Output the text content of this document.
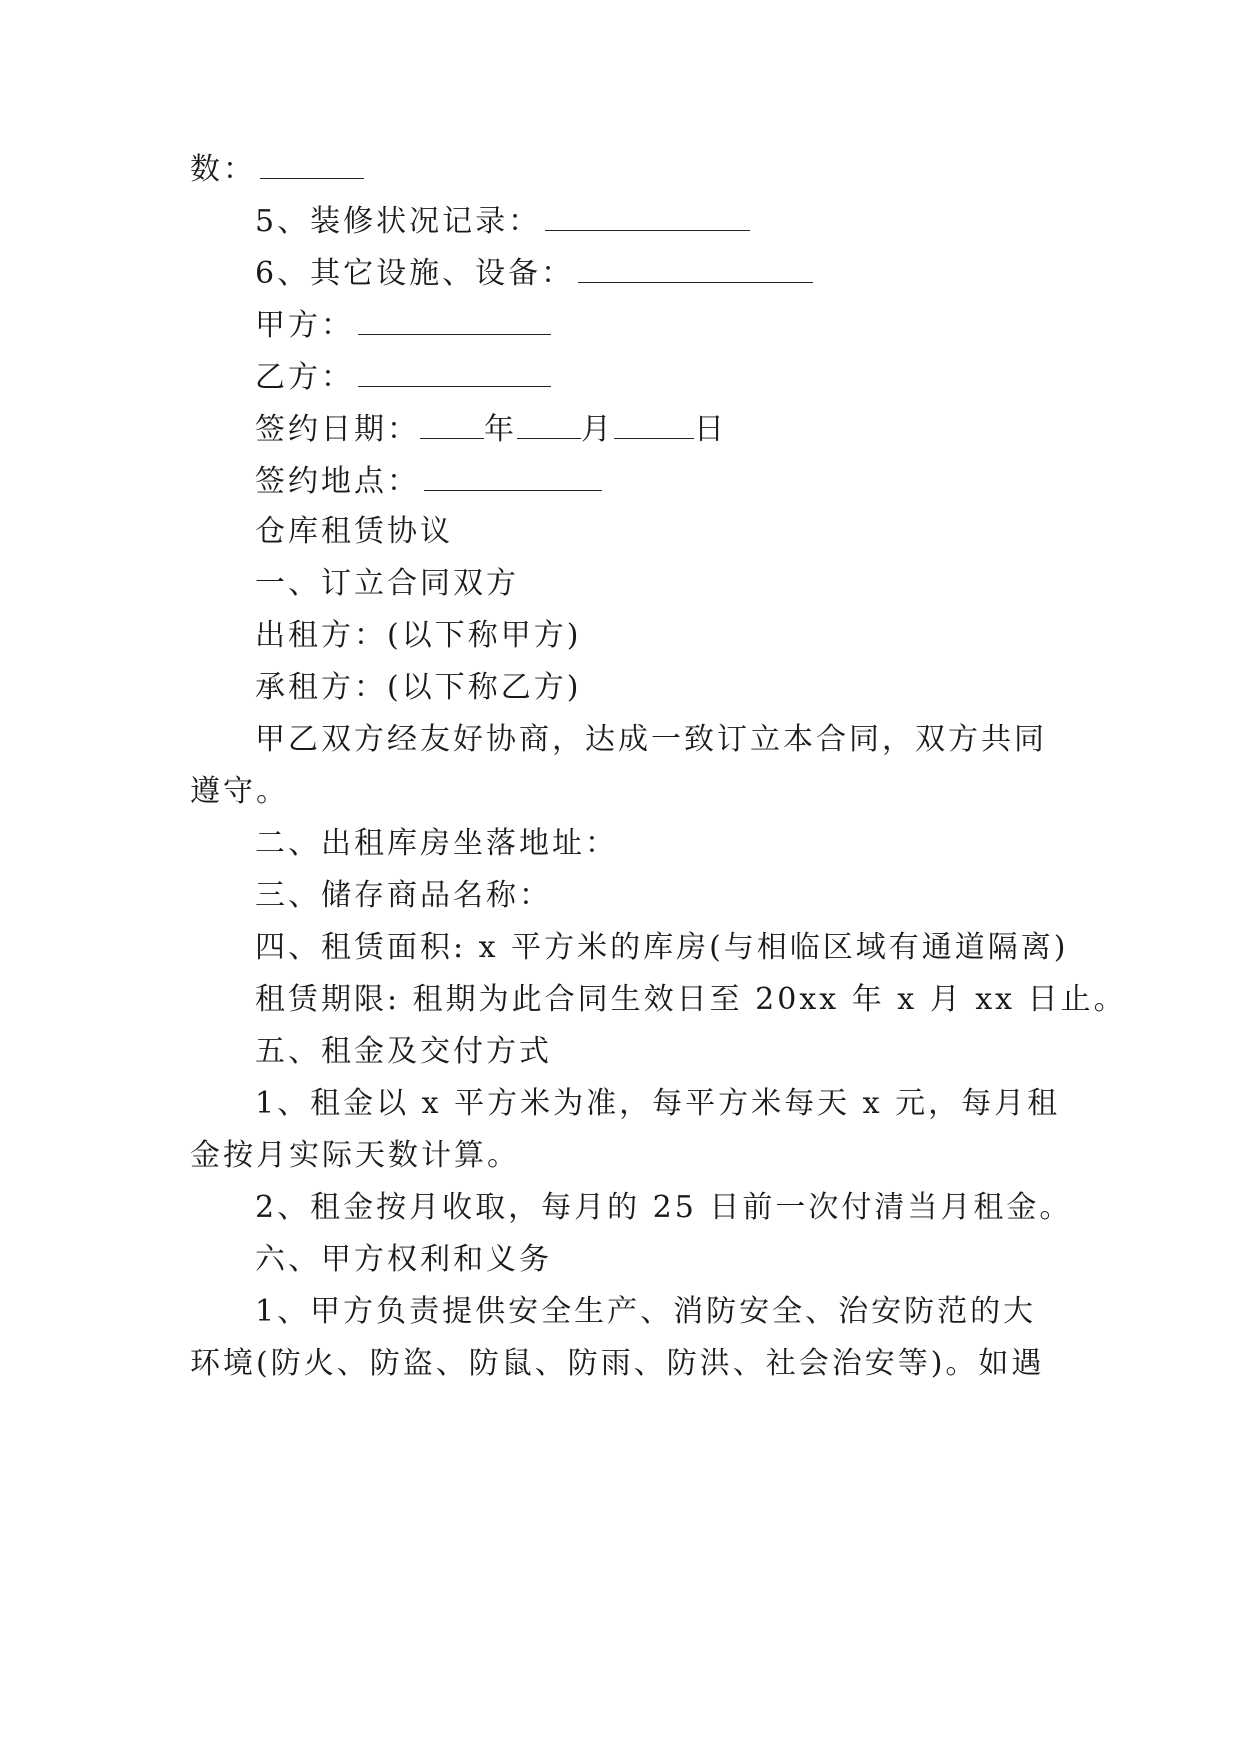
数：
5、装修状况记录：
6、其它设施、设备：
甲方：
乙方：
签约日期： 年 月	日
签约地点：
仓库租赁协议
一、订立合同双方
出租方：(以下称甲方)
承租方：(以下称乙方)
甲乙双方经友好协商，达成一致订立本合同，双方共同
遵守。
二、出租库房坐落地址：
三、储存商品名称：
四、租赁面积: x 平方米的库房(与相临区域有通道隔离)
租赁期限: 租期为此合同生效日至 20xx 年 x 月 xx 日止。
五、租金及交付方式
1、租金以 x 平方米为准，每平方米每天 x 元，每月租
金按月实际天数计算。
2、租金按月收取，每月的 25 日前一次付清当月租金。
六、甲方权利和义务
1、甲方负责提供安全生产、消防安全、治安防范的大
环境(防火、防盗、防鼠、防雨、防洪、社会治安等)。如遇
